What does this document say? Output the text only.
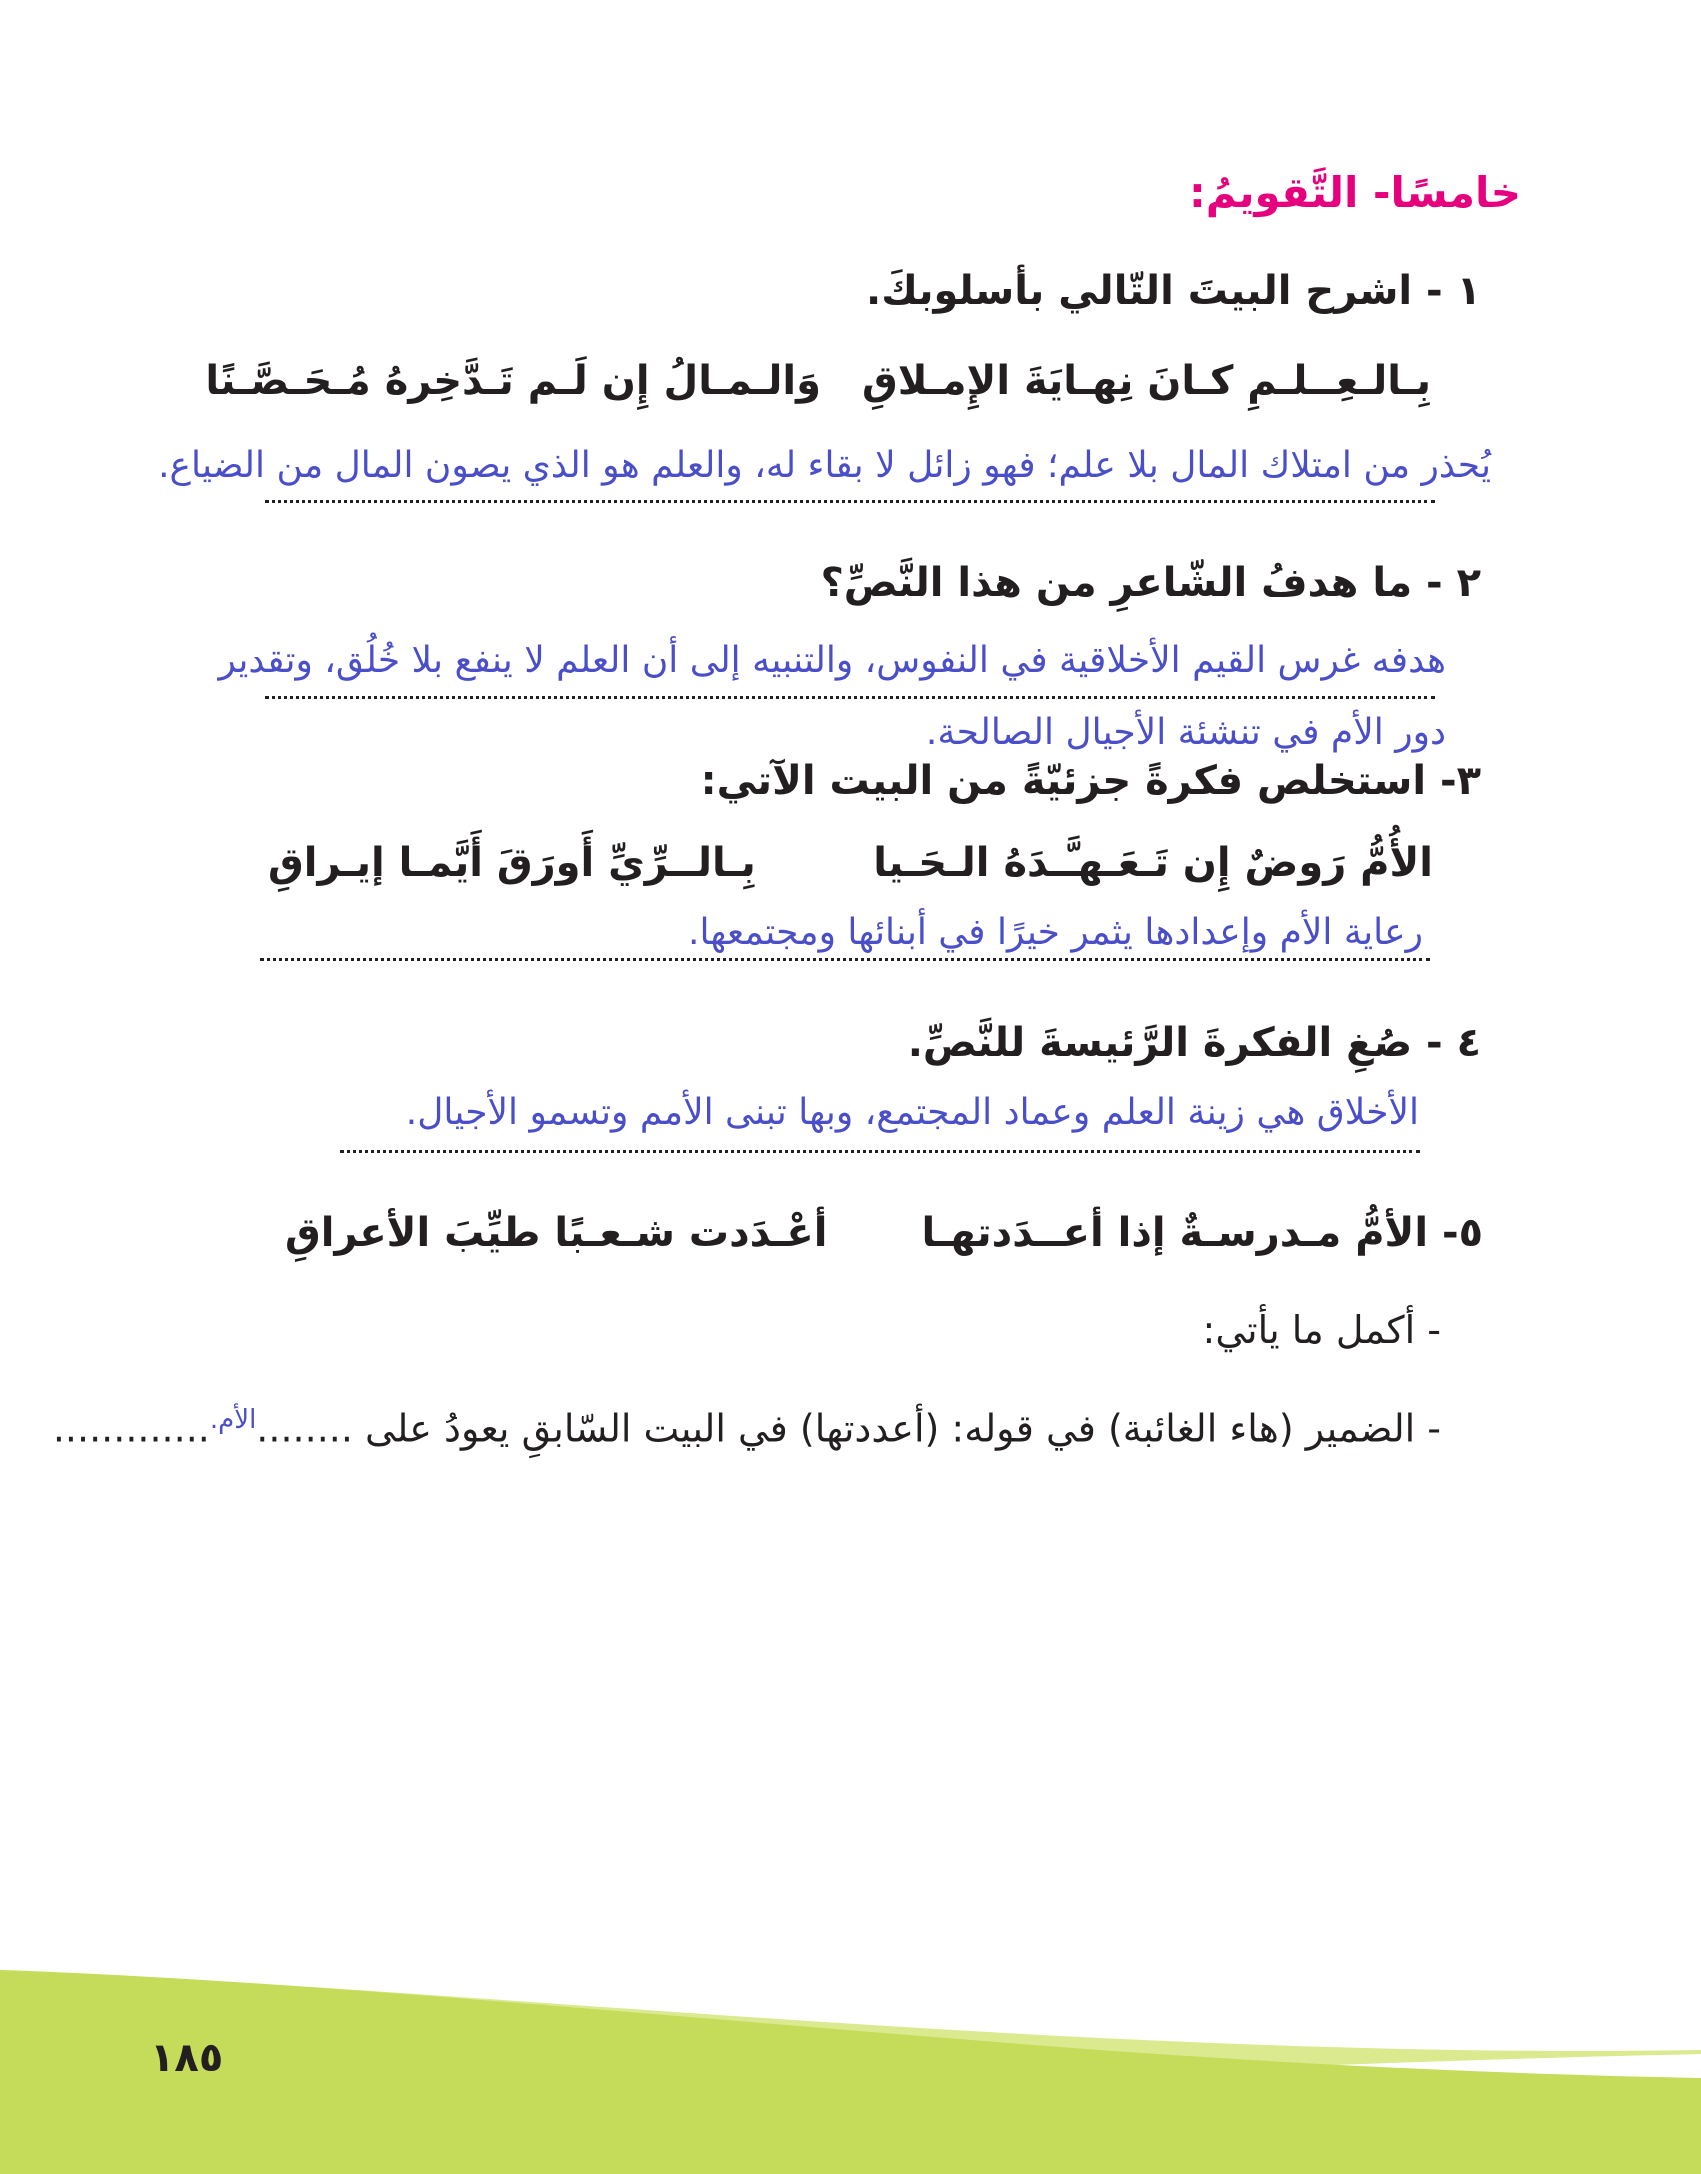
خامسًا- التَّقويمُ:
١ - اشرح البيتَ التّالي بأسلوبكَ.
وَالـمـالُ إِن لَـم تَـدَّخِرهُ مُـحَـصَّـنًا بِـالـعِــلـمِ كـانَ نِهـايَةَ الإِمـلاقِ
يُحذر من امتلاك المال بلا علم؛ فهو زائل لا بقاء له، والعلم هو الذي يصون المال من الضياع.
٢ - ما هدفُ الشّاعرِ من هذا النَّصِّ؟
هدفه غرس القيم الأخلاقية في النفوس، والتنبيه إلى أن العلم لا ينفع بلا خُلُق، وتقدير
دور الأم في تنشئة الأجيال الصالحة.
٣- استخلص فكرةً جزئيّةً من البيت الآتي:
الأُمُّ رَوضٌ إِن تَـعَـهـَّـدَهُ الـحَـيا
بِـالــرِّيِّ أَورَقَ أَيَّمـا إيـراقِ
رعاية الأم وإعدادها يثمر خيرًا في أبنائها ومجتمعها.
٤ - صُغِ الفكرةَ الرَّئيسةَ للنَّصِّ.
الأخلاق هي زينة العلم وعماد المجتمع، وبها تبنى الأمم وتسمو الأجيال.
٥- الأمُّ مـدرسـةٌ إذا أعــدَدتهـا
أعْـدَدت شـعـبًا طيِّبَ الأعراقِ
- أكمل ما يأتي:
- الضمير (هاء الغائبة) في قوله: (أعددتها) في البيت السّابقِ يعودُ على ........$^{الأم.}$.............
١٨٥
